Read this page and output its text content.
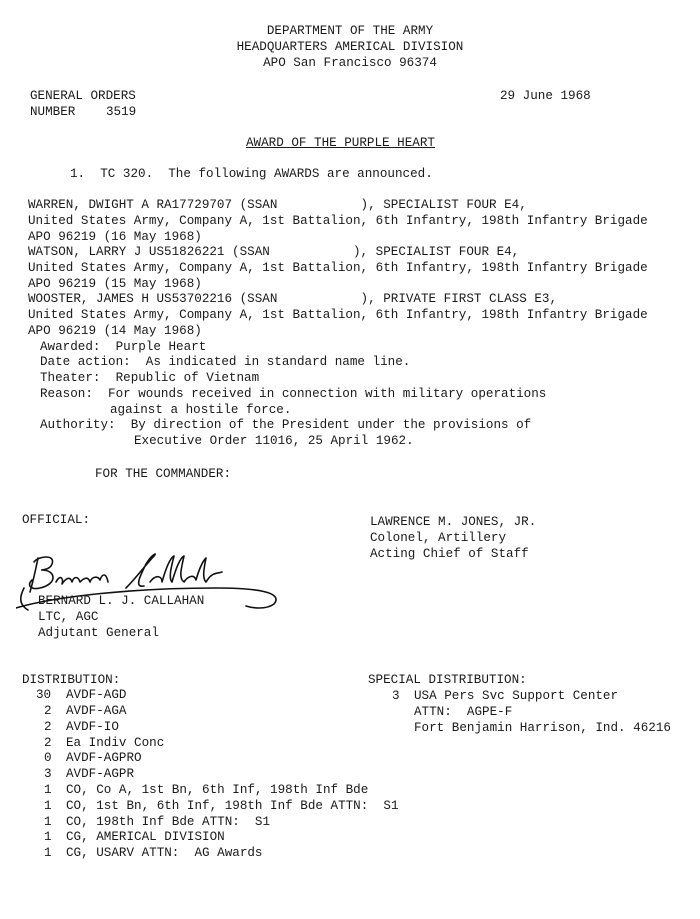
DEPARTMENT OF THE ARMY
HEADQUARTERS AMERICAL DIVISION
APO San Francisco 96374
GENERAL ORDERS
NUMBER 3519
29 June 1968
AWARD OF THE PURPLE HEART
1.  TC 320.  The following AWARDS are announced.
WARREN, DWIGHT A RA17729707 (SSAN           ), SPECIALIST FOUR E4,
United States Army, Company A, 1st Battalion, 6th Infantry, 198th Infantry Brigade
APO 96219 (16 May 1968)
WATSON, LARRY J US51826221 (SSAN           ), SPECIALIST FOUR E4,
United States Army, Company A, 1st Battalion, 6th Infantry, 198th Infantry Brigade
APO 96219 (15 May 1968)
WOOSTER, JAMES H US53702216 (SSAN           ), PRIVATE FIRST CLASS E3,
United States Army, Company A, 1st Battalion, 6th Infantry, 198th Infantry Brigade
APO 96219 (14 May 1968)
Awarded:  Purple Heart
Date action:  As indicated in standard name line.
Theater:  Republic of Vietnam
Reason:  For wounds received in connection with military operations
against a hostile force.
Authority:  By direction of the President under the provisions of
Executive Order 11016, 25 April 1962.
FOR THE COMMANDER:
OFFICIAL:
BERNARD L. J. CALLAHAN
LTC, AGC
Adjutant General
LAWRENCE M. JONES, JR.
Colonel, Artillery
Acting Chief of Staff
DISTRIBUTION:
30 AVDF-AGD
2 AVDF-AGA
2 AVDF-IO
2 Ea Indiv Conc
0 AVDF-AGPRO
3 AVDF-AGPR
1 CO, Co A, 1st Bn, 6th Inf, 198th Inf Bde
1 CO, 1st Bn, 6th Inf, 198th Inf Bde ATTN:  S1
1 CO, 198th Inf Bde ATTN:  S1
1 CG, AMERICAL DIVISION
1 CG, USARV ATTN:  AG Awards
SPECIAL DISTRIBUTION:
3 USA Pers Svc Support Center
ATTN:  AGPE-F
Fort Benjamin Harrison, Ind. 46216
